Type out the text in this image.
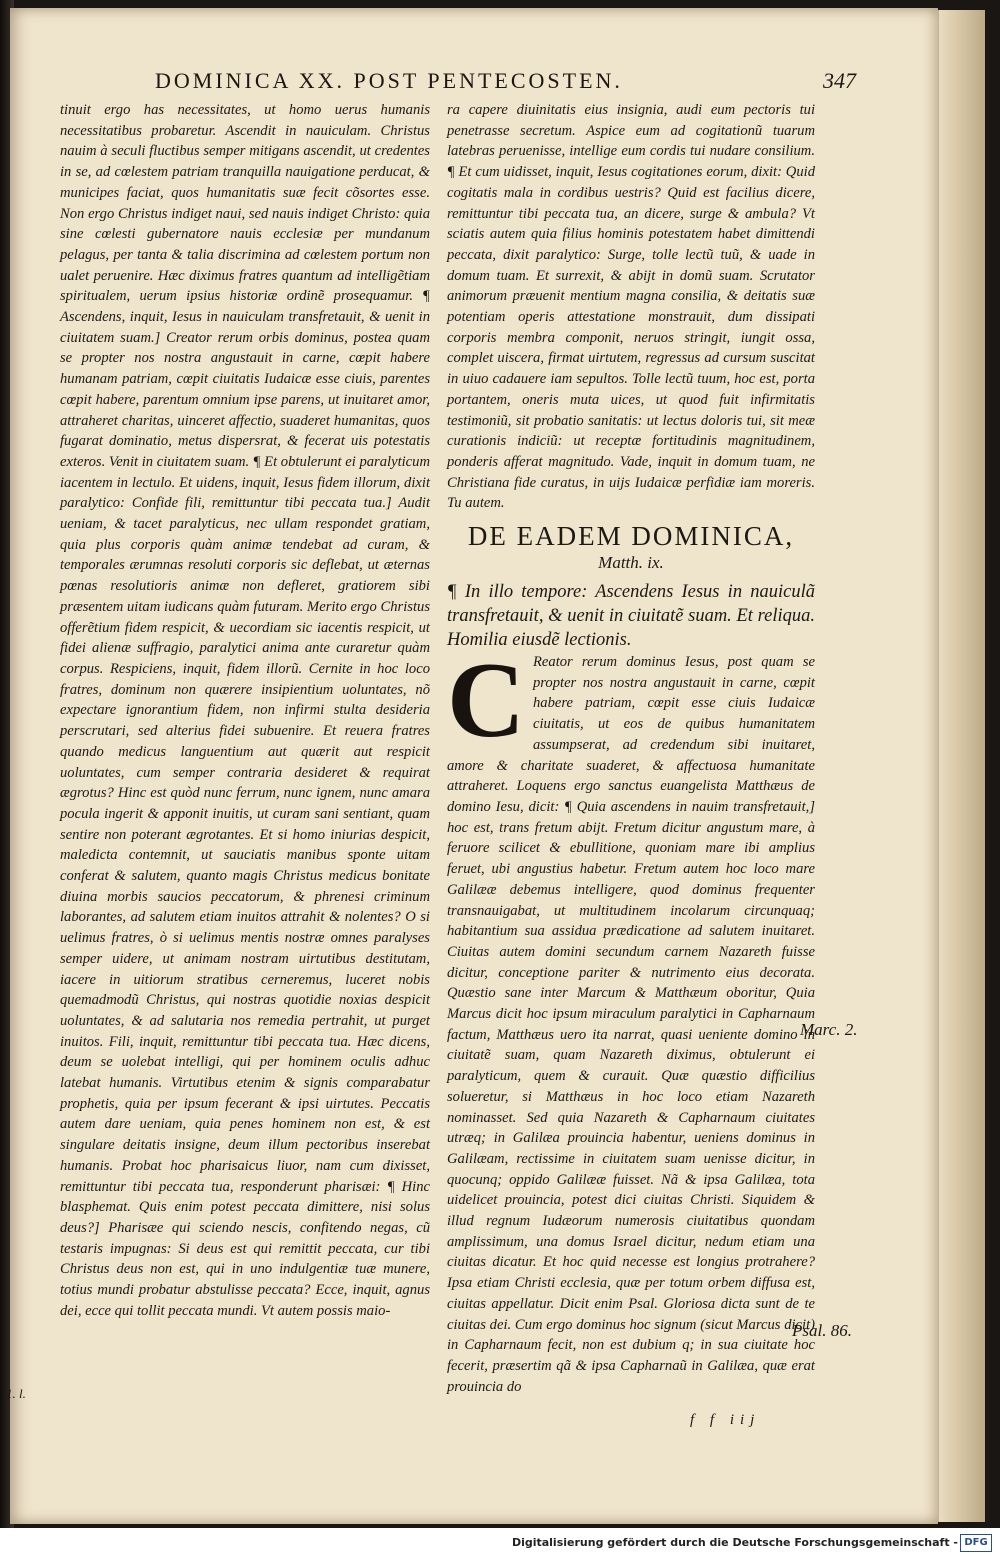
DOMINICA XX. POST PENTECOSTEN.	347

tinuit ergo has necessitates, ut homo uerus humanis necessitatibus probaretur. Ascendit in nauiculam. Christus nauim à seculi fluctibus semper mitigans ascendit, ut credentes in se, ad cœlestem patriam tranquilla nauigatione perducat, & municipes faciat, quos humanitatis suæ fecit cõsortes esse. Non ergo Christus indiget naui, sed nauis indiget Christo: quia sine cœlesti gubernatore nauis ecclesiæ per mundanum pelagus, per tanta & talia discrimina ad cœlestem portum non ualet peruenire. Hæc diximus fratres quantum ad intelligẽtiam spiritualem, uerum ipsius historiæ ordinẽ prosequamur. ¶ Ascendens, inquit, Iesus in nauiculam transfretauit, & uenit in ciuitatem suam.] Creator rerum orbis dominus, postea quam se propter nos nostra angustauit in carne, cœpit habere humanam patriam, cœpit ciuitatis Iudaicæ esse ciuis, parentes cœpit habere, parentum omnium ipse parens, ut inuitaret amor, attraheret charitas, uinceret affectio, suaderet humanitas, quos fugarat dominatio, metus dispersrat, & fecerat uis potestatis exteros. Venit in ciuitatem suam. ¶ Et obtulerunt ei paralyticum iacentem in lectulo. Et uidens, inquit, Iesus fidem illorum, dixit paralytico: Confide fili, remittuntur tibi peccata tua.] Audit ueniam, & tacet paralyticus, nec ullam respondet gratiam, quia plus corporis quàm animæ tendebat ad curam, & temporales ærumnas resoluti corporis sic deflebat, ut æternas pœnas resolutioris animæ non defleret, gratiorem sibi præsentem uitam iudicans quàm futuram. Merito ergo Christus offerẽtium fidem respicit, & uecordiam sic iacentis respicit, ut fidei alienæ suffragio, paralytici anima ante curaretur quàm corpus. Respiciens, inquit, fidem illorũ. Cernite in hoc loco fratres, dominum non quærere insipientium uoluntates, nõ expectare ignorantium fidem, non infirmi stulta desideria perscrutari, sed alterius fidei subuenire. Et reuera fratres quando medicus languentium aut quærit aut respicit uoluntates, cum semper contraria desideret & requirat ægrotus? Hinc est quòd nunc ferrum, nunc ignem, nunc amara pocula ingerit & apponit inuitis, ut curam sani sentiant, quam sentire non poterant ægrotantes. Et si homo iniurias despicit, maledicta contemnit, ut sauciatis manibus sponte uitam conferat & salutem, quanto magis Christus medicus bonitate diuina morbis saucios peccatorum, & phrenesi criminum laborantes, ad salutem etiam inuitos attrahit & nolentes? O si uelimus fratres, ò si uelimus mentis nostræ omnes paralyses semper uidere, ut animam nostram uirtutibus destitutam, iacere in uitiorum stratibus cerneremus, luceret nobis quemadmodũ Christus, qui nostras quotidie noxias despicit uoluntates, & ad salutaria nos remedia pertrahit, ut purget inuitos. Fili, inquit, remittuntur tibi peccata tua. Hæc dicens, deum se uolebat intelligi, qui per hominem oculis adhuc latebat humanis. Virtutibus etenim & signis comparabatur prophetis, quia per ipsum fecerant & ipsi uirtutes. Peccatis autem dare ueniam, quia penes hominem non est, & est singulare deitatis insigne, deum illum pectoribus inserebat humanis. Probat hoc pharisaicus liuor, nam cum dixisset, remittuntur tibi peccata tua, responderunt pharisæi: ¶ Hinc blasphemat. Quis enim potest peccata dimittere, nisi solus deus?] Pharisæe qui sciendo nescis, confitendo negas, cũ testaris impugnas: Si deus est qui remittit peccata, cur tibi Christus deus non est, qui in uno indulgentiæ tuæ munere, totius mundi probatur abstulisse peccata? Ecce, inquit, agnus dei, ecce qui tollit peccata mundi. Vt autem possis maio-

ra capere diuinitatis eius insignia, audi eum pectoris tui penetrasse secretum. Aspice eum ad cogitationũ tuarum latebras peruenisse, intellige eum cordis tui nudare consilium. ¶ Et cum uidisset, inquit, Iesus cogitationes eorum, dixit: Quid cogitatis mala in cordibus uestris? Quid est facilius dicere, remittuntur tibi peccata tua, an dicere, surge & ambula? Vt sciatis autem quia filius hominis potestatem habet dimittendi peccata, dixit paralytico: Surge, tolle lectũ tuũ, & uade in domum tuam. Et surrexit, & abijt in domũ suam. Scrutator animorum præuenit mentium magna consilia, & deitatis suæ potentiam operis attestatione monstrauit, dum dissipati corporis membra componit, neruos stringit, iungit ossa, complet uiscera, firmat uirtutem, regressus ad cursum suscitat in uiuo cadauere iam sepultos. Tolle lectũ tuum, hoc est, porta portantem, oneris muta uices, ut quod fuit infirmitatis testimoniũ, sit probatio sanitatis: ut lectus doloris tui, sit meæ curationis indiciũ: ut receptæ fortitudinis magnitudinem, ponderis afferat magnitudo. Vade, inquit in domum tuam, ne Christiana fide curatus, in uijs Iudaicæ perfidiæ iam moreris. Tu autem.

DE EADEM DOMINICA,
Matth. ix.

¶ In illo tempore: Ascendens Iesus in nauiculã transfretauit, & uenit in ciuitatẽ suam. Et reliqua. Homilia eiusdẽ lectionis.

C Reator rerum dominus Iesus, post quam se propter nos nostra angustauit in carne, cœpit habere patriam, cœpit esse ciuis Iudaicæ ciuitatis, ut eos de quibus humanitatem assumpserat, ad credendum sibi inuitaret, amore & charitate suaderet, & affectuosa humanitate attraheret. Loquens ergo sanctus euangelista Matthæus de domino Iesu, dicit: ¶ Quia ascendens in nauim transfretauit,] hoc est, trans fretum abijt. Fretum dicitur angustum mare, à feruore scilicet & ebullitione, quoniam mare ibi amplius feruet, ubi angustius habetur. Fretum autem hoc loco mare Galilææ debemus intelligere, quod dominus frequenter transnauigabat, ut multitudinem incolarum circunquaq; habitantium sua assidua prædicatione ad salutem inuitaret. Ciuitas autem domini secundum carnem Nazareth fuisse dicitur, conceptione pariter & nutrimento eius decorata. Quæstio sane inter Marcum & Matthæum oboritur, Quia Marcus dicit hoc ipsum miraculum paralytici in Capharnaum factum, Matthæus uero ita narrat, quasi ueniente domino in ciuitatẽ suam, quam Nazareth diximus, obtulerunt ei paralyticum, quem & curauit. Quæ quæstio difficilius solueretur, si Matthæus in hoc loco etiam Nazareth nominasset. Sed quia Nazareth & Capharnaum ciuitates utræq; in Galilæa prouincia habentur, ueniens dominus in Galilæam, rectissime in ciuitatem suam uenisse dicitur, in quocunq; oppido Galilææ fuisset. Nã & ipsa Galilæa, tota uidelicet prouincia, potest dici ciuitas Christi. Siquidem & illud regnum Iudæorum numerosis ciuitatibus quondam amplissimum, una domus Israel dicitur, nedum etiam una ciuitas dicatur. Et hoc quid necesse est longius protrahere? Ipsa etiam Christi ecclesia, quæ per totum orbem diffusa est, ciuitas appellatur. Dicit enim Psal. Gloriosa dicta sunt de te ciuitas dei. Cum ergo dominus hoc signum (sicut Marcus dicit) in Capharnaum fecit, non est dubium q; in sua ciuitate hoc fecerit, præsertim qã & ipsa Capharnaũ in Galilæa, quæ erat prouincia do

Marc. 2.
Psal. 86.
1. l.
f f iij
Digitalisierung gefördert durch die Deutsche Forschungsgemeinschaft - DFG
